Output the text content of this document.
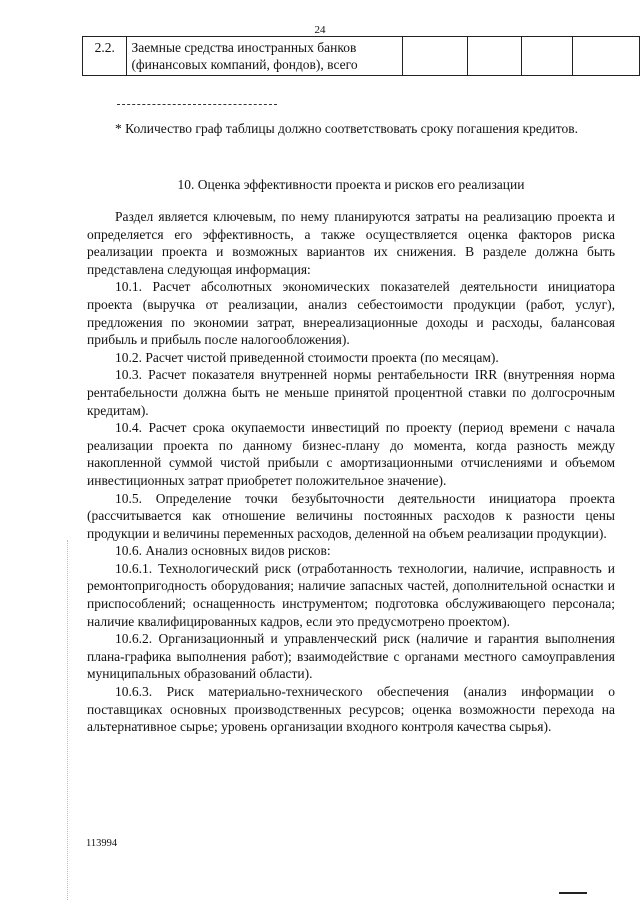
24
2.2.	Заемные средства иностранных банков (финансовых компаний, фондов), всего				

* Количество граф таблицы должно соответствовать сроку погашения кредитов.

10. Оценка эффективности проекта и рисков его реализации

Раздел является ключевым, по нему планируются затраты на реализацию проекта и определяется его эффективность, а также осуществляется оценка факторов риска реализации проекта и возможных вариантов их снижения. В разделе должна быть представлена следующая информация:

10.1. Расчет абсолютных экономических показателей деятельности инициатора проекта (выручка от реализации, анализ себестоимости продукции (работ, услуг), предложения по экономии затрат, внереализационные доходы и расходы, балансовая прибыль и прибыль после налогообложения).

10.2. Расчет чистой приведенной стоимости проекта (по месяцам).

10.3. Расчет показателя внутренней нормы рентабельности IRR (внутренняя норма рентабельности должна быть не меньше принятой процентной ставки по долгосрочным кредитам).

10.4. Расчет срока окупаемости инвестиций по проекту (период времени с начала реализации проекта по данному бизнес-плану до момента, когда разность между накопленной суммой чистой прибыли с амортизационными отчислениями и объемом инвестиционных затрат приобретет положительное значение).

10.5. Определение точки безубыточности деятельности инициатора проекта (рассчитывается как отношение величины постоянных расходов к разности цены продукции и величины переменных расходов, деленной на объем реализации продукции).

10.6. Анализ основных видов рисков:

10.6.1. Технологический риск (отработанность технологии, наличие, исправность и ремонтопригодность оборудования; наличие запасных частей, дополнительной оснастки и приспособлений; оснащенность инструментом; подготовка обслуживающего персонала; наличие квалифицированных кадров, если это предусмотрено проектом).

10.6.2. Организационный и управленческий риск (наличие и гарантия выполнения плана-графика выполнения работ); взаимодействие с органами местного самоуправления муниципальных образований области).

10.6.3. Риск материально-технического обеспечения (анализ информации о поставщиках основных производственных ресурсов; оценка возможности перехода на альтернативное сырье; уровень организации входного контроля качества сырья).

113994
